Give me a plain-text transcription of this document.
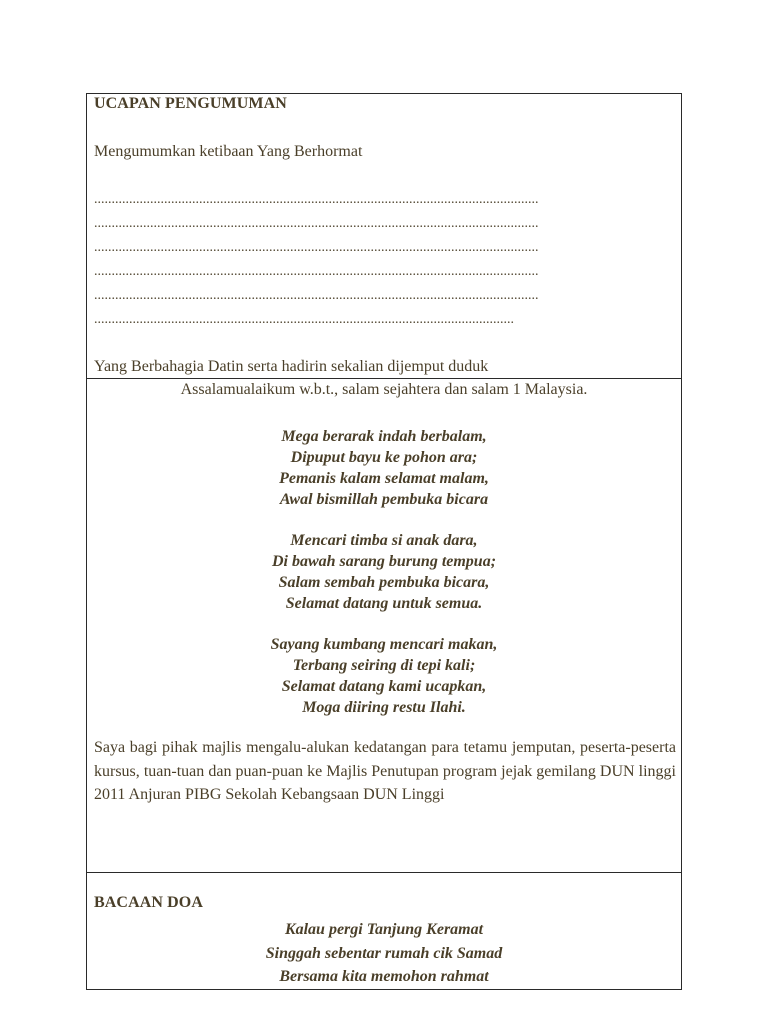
UCAPAN PENGUMUMAN
Mengumumkan ketibaan Yang Berhormat
...............................................................................................................................
...............................................................................................................................
...............................................................................................................................
...............................................................................................................................
...............................................................................................................................
........................................................................................................................
Yang Berbahagia Datin serta hadirin sekalian dijemput duduk
Assalamualaikum w.b.t., salam sejahtera dan salam 1 Malaysia.
Mega berarak indah berbalam,
Dipuput bayu ke pohon ara;
Pemanis kalam selamat malam,
Awal bismillah pembuka bicara
Mencari timba si anak dara,
Di bawah sarang burung tempua;
Salam sembah pembuka bicara,
Selamat datang untuk semua.
Sayang kumbang mencari makan,
Terbang seiring di tepi kali;
Selamat datang kami ucapkan,
Moga diiring restu Ilahi.
Saya bagi pihak majlis mengalu-alukan kedatangan para tetamu jemputan, peserta-peserta kursus, tuan-tuan dan puan-puan ke Majlis Penutupan program jejak gemilang DUN linggi 2011 Anjuran PIBG Sekolah Kebangsaan DUN Linggi
BACAAN DOA
Kalau pergi Tanjung Keramat
Singgah sebentar rumah cik Samad
Bersama kita memohon rahmat
